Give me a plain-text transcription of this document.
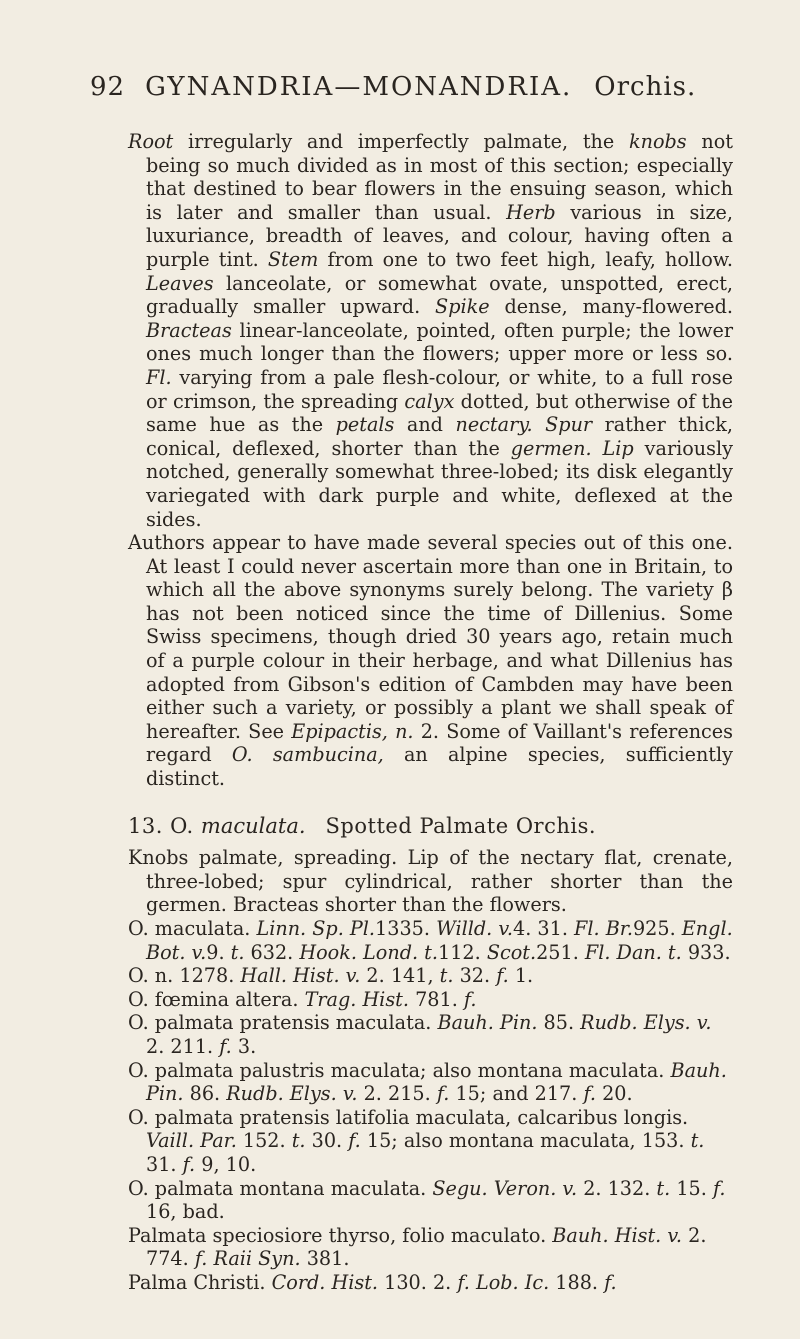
92 GYNANDRIA—MONANDRIA. Orchis.

Root irregularly and imperfectly palmate, the knobs not being so much divided as in most of this section; especially that destined to bear flowers in the ensuing season, which is later and smaller than usual. Herb various in size, luxuriance, breadth of leaves, and colour, having often a purple tint. Stem from one to two feet high, leafy, hollow. Leaves lanceolate, or somewhat ovate, unspotted, erect, gradually smaller upward. Spike dense, many-flowered. Bracteas linear-lanceolate, pointed, often purple; the lower ones much longer than the flowers; upper more or less so. Fl. varying from a pale flesh-colour, or white, to a full rose or crimson, the spreading calyx dotted, but otherwise of the same hue as the petals and nectary. Spur rather thick, conical, deflexed, shorter than the germen. Lip variously notched, generally somewhat three-lobed; its disk elegantly variegated with dark purple and white, deflexed at the sides.

Authors appear to have made several species out of this one. At least I could never ascertain more than one in Britain, to which all the above synonyms surely belong. The variety β has not been noticed since the time of Dillenius. Some Swiss specimens, though dried 30 years ago, retain much of a purple colour in their herbage, and what Dillenius has adopted from Gibson's edition of Cambden may have been either such a variety, or possibly a plant we shall speak of hereafter. See Epipactis, n. 2. Some of Vaillant's references regard O. sambucina, an alpine species, sufficiently distinct.

13. O. maculata. Spotted Palmate Orchis.

Knobs palmate, spreading. Lip of the nectary flat, crenate, three-lobed; spur cylindrical, rather shorter than the germen. Bracteas shorter than the flowers.

O. maculata. Linn. Sp. Pl.1335. Willd. v.4. 31. Fl. Br.925. Engl. Bot. v.9. t. 632. Hook. Lond. t.112. Scot.251. Fl. Dan. t. 933.

O. n. 1278. Hall. Hist. v. 2. 141, t. 32. f. 1.

O. fœmina altera. Trag. Hist. 781. f.

O. palmata pratensis maculata. Bauh. Pin. 85. Rudb. Elys. v. 2. 211. f. 3.

O. palmata palustris maculata; also montana maculata. Bauh. Pin. 86. Rudb. Elys. v. 2. 215. f. 15; and 217. f. 20.

O. palmata pratensis latifolia maculata, calcaribus longis. Vaill. Par. 152. t. 30. f. 15; also montana maculata, 153. t. 31. f. 9, 10.

O. palmata montana maculata. Segu. Veron. v. 2. 132. t. 15. f. 16, bad.

Palmata speciosiore thyrso, folio maculato. Bauh. Hist. v. 2. 774. f. Raii Syn. 381.

Palma Christi. Cord. Hist. 130. 2. f. Lob. Ic. 188. f.
